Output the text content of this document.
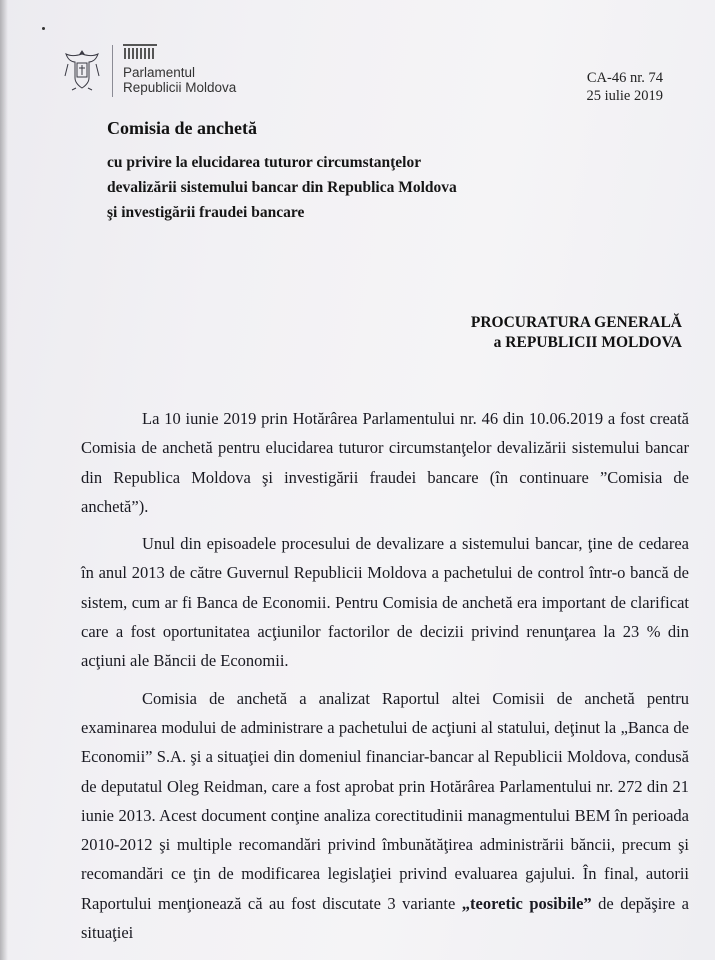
Parlamentul
Republicii Moldova
CA-46 nr. 74
25 iulie 2019
Comisia de anchetă
cu privire la elucidarea tuturor circumstanţelor
devalizării sistemului bancar din Republica Moldova
şi investigării fraudei bancare
PROCURATURA GENERALĂ
a REPUBLICII MOLDOVA

La 10 iunie 2019 prin Hotărârea Parlamentului nr. 46 din 10.06.2019 a fost creată Comisia de anchetă pentru elucidarea tuturor circumstanţelor devalizării sistemului bancar din Republica Moldova şi investigării fraudei bancare (în continuare ”Comisia de anchetă”).

Unul din episoadele procesului de devalizare a sistemului bancar, ţine de cedarea în anul 2013 de către Guvernul Republicii Moldova a pachetului de control într-o bancă de sistem, cum ar fi Banca de Economii. Pentru Comisia de anchetă era important de clarificat care a fost oportunitatea acţiunilor factorilor de decizii privind renunţarea la 23 % din acţiuni ale Băncii de Economii.

Comisia de anchetă a analizat Raportul altei Comisii de anchetă pentru examinarea modului de administrare a pachetului de acţiuni al statului, deţinut la „Banca de Economii” S.A. şi a situaţiei din domeniul financiar-bancar al Republicii Moldova, condusă de deputatul Oleg Reidman, care a fost aprobat prin Hotărârea Parlamentului nr. 272 din 21 iunie 2013. Acest document conţine analiza corectitudinii managmentului BEM în perioada 2010-2012 şi multiple recomandări privind îmbunătăţirea administrării băncii, precum şi recomandări ce ţin de modificarea legislaţiei privind evaluarea gajului. În final, autorii Raportului menţionează că au fost discutate 3 variante „teoretic posibile” de depăşire a situaţiei
